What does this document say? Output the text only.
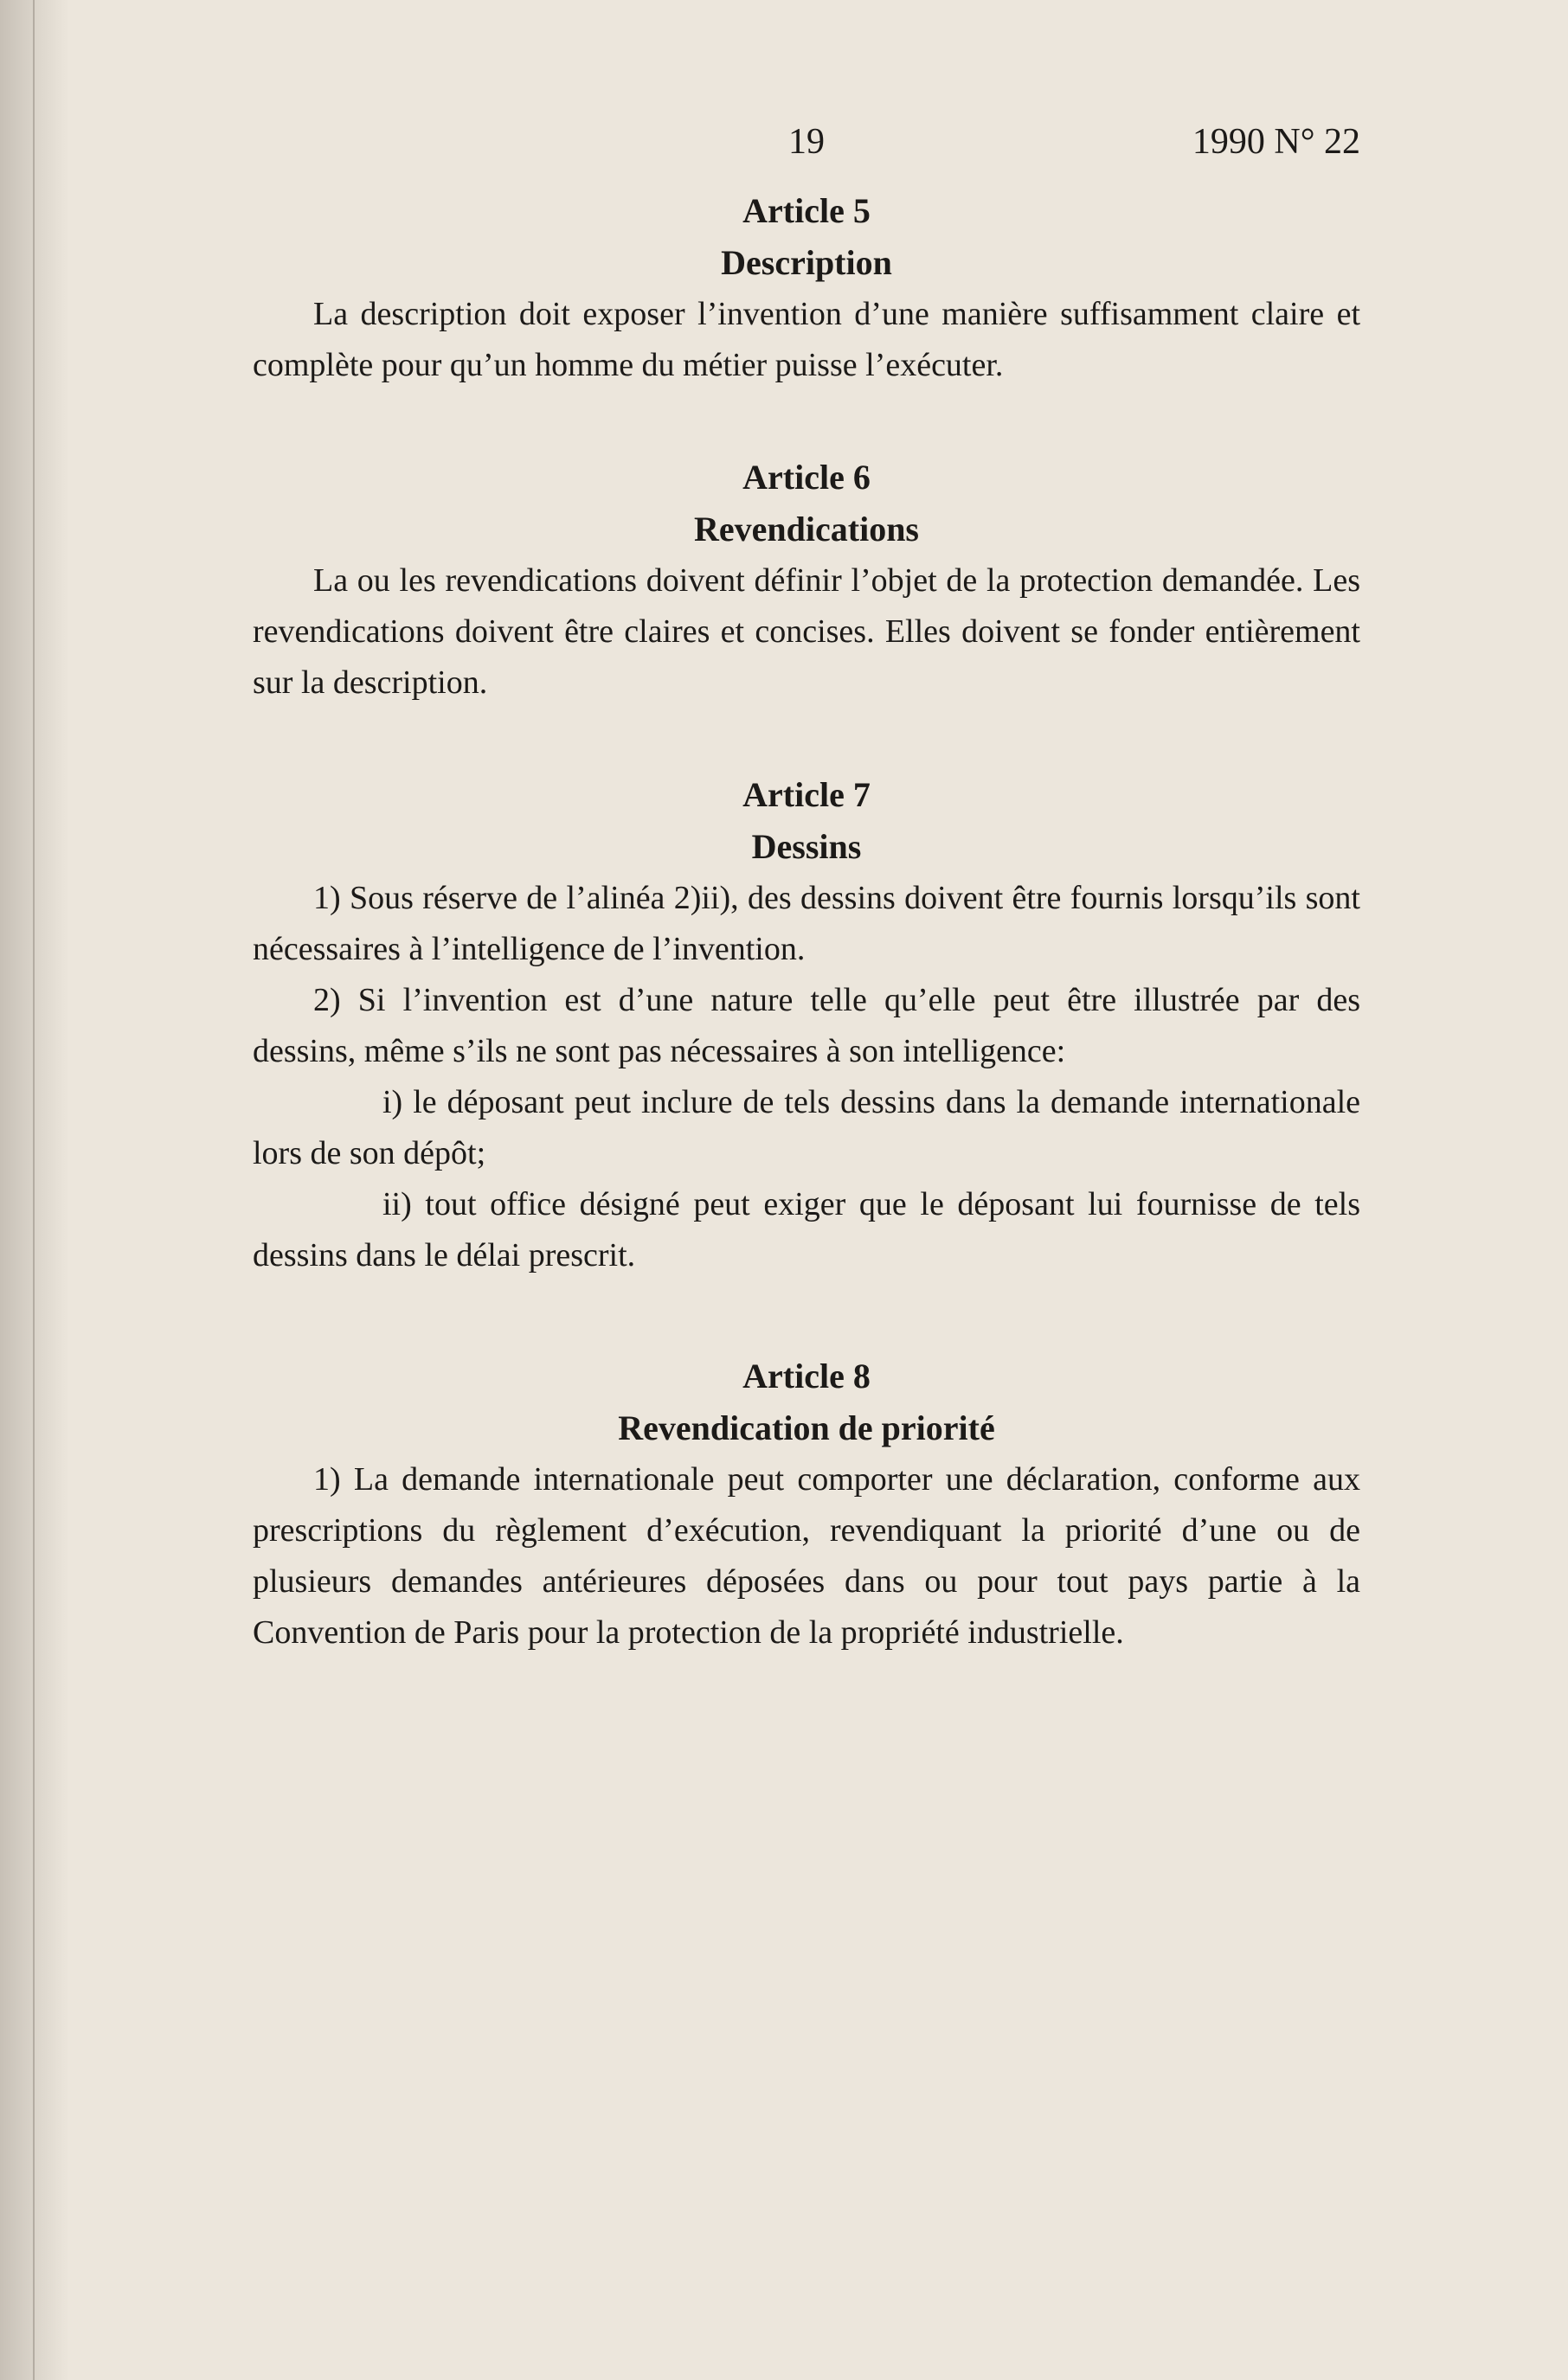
19	1990 N° 22
Article 5
Description

La description doit exposer l’invention d’une manière suffisamment claire et complète pour qu’un homme du métier puisse l’exécuter.

Article 6
Revendications

La ou les revendications doivent définir l’objet de la protection demandée. Les revendications doivent être claires et concises. Elles doivent se fonder entièrement sur la description.

Article 7
Dessins

1) Sous réserve de l’alinéa 2)ii), des dessins doivent être fournis lorsqu’ils sont nécessaires à l’intelligence de l’invention.

2) Si l’invention est d’une nature telle qu’elle peut être illustrée par des dessins, même s’ils ne sont pas nécessaires à son intelligence:

i) le déposant peut inclure de tels dessins dans la demande internationale lors de son dépôt;

ii) tout office désigné peut exiger que le déposant lui fournisse de tels dessins dans le délai prescrit.

Article 8
Revendication de priorité

1) La demande internationale peut comporter une déclaration, conforme aux prescriptions du règlement d’exécution, revendiquant la priorité d’une ou de plusieurs demandes antérieures déposées dans ou pour tout pays partie à la Convention de Paris pour la protection de la propriété industrielle.
